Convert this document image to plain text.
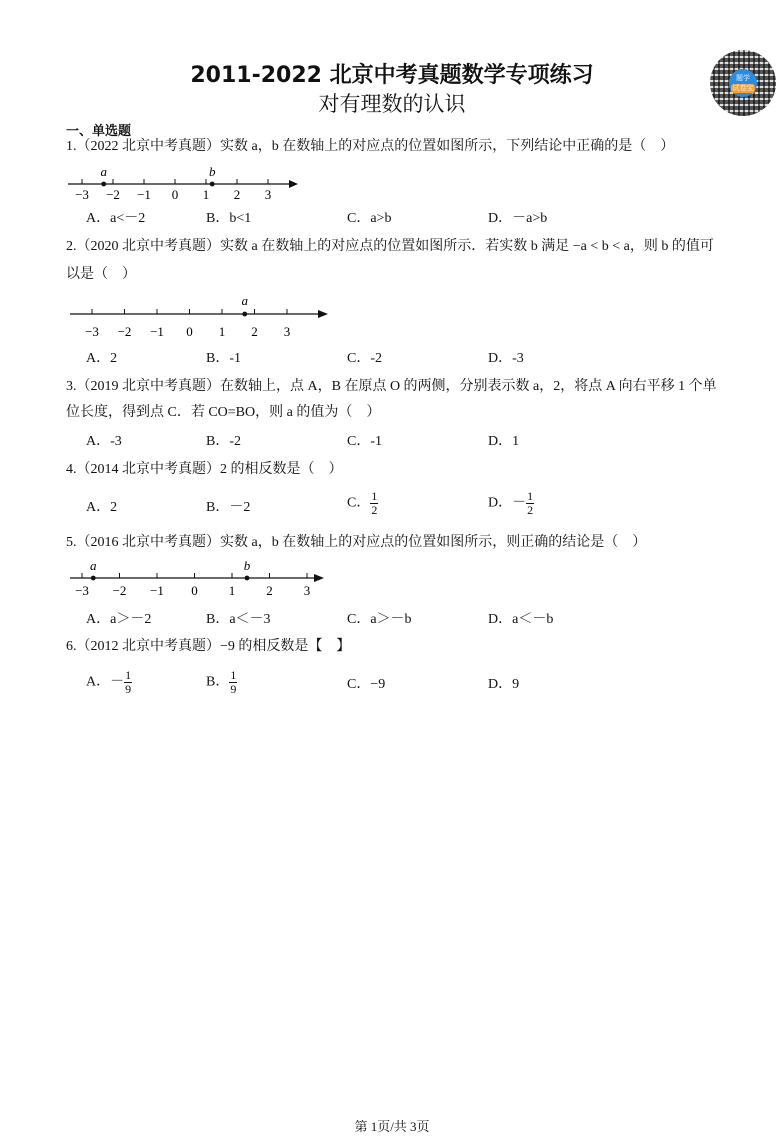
2011-2022 北京中考真题数学专项练习
对有理数的认识
题学
试卷宝
一、单选题
1.（2022 北京中考真题）实数 a，b 在数轴上的对应点的位置如图所示，下列结论中正确的是（　）
−3 −2 −1 0 1 2 3
a	b
A．a<－2	B．b<1	C．a>b	D．－a>b
2.（2020 北京中考真题）实数 a 在数轴上的对应点的位置如图所示．若实数 b 满足 −a < b < a，则 b 的值可
以是（　）
−3 −2 −1 0 1 2 3
a
A．2	B．-1	C．-2	D．-3
3.（2019 北京中考真题）在数轴上，点 A，B 在原点 O 的两侧，分别表示数 a，2，将点 A 向右平移 1 个单
位长度，得到点 C．若 CO=BO，则 a 的值为（　）
A．-3	B．-2	C．-1	D．1
4.（2014 北京中考真题）2 的相反数是（　）
A．2	B．－2	C． $\frac{1}{2}$	D．－ $\frac{1}{2}$
5.（2016 北京中考真题）实数 a，b 在数轴上的对应点的位置如图所示，则正确的结论是（　）
−3 −2 −1 0 1 2 3
a	b
A．a＞－2	B．a＜－3	C．a＞－b	D．a＜－b
6.（2012 北京中考真题）−9 的相反数是【　】
A．－ $\frac{1}{9}$	B． $\frac{1}{9}$	C．−9	D．9
第 1页/共 3页
